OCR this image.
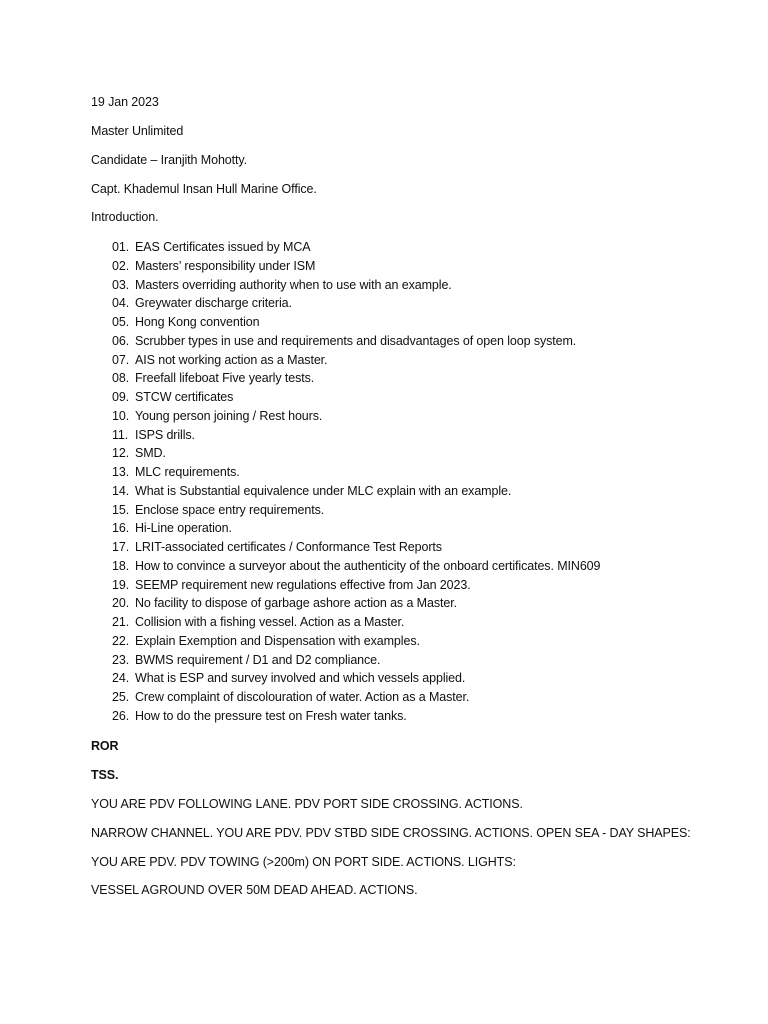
19 Jan 2023
Master Unlimited
Candidate – Iranjith Mohotty.
Capt. Khademul Insan Hull Marine Office.
Introduction.
01. EAS Certificates issued by MCA
02. Masters’ responsibility under ISM
03. Masters overriding authority when to use with an example.
04. Greywater discharge criteria.
05. Hong Kong convention
06. Scrubber types in use and requirements and disadvantages of open loop system.
07. AIS not working action as a Master.
08. Freefall lifeboat Five yearly tests.
09. STCW certificates
10. Young person joining / Rest hours.
11. ISPS drills.
12. SMD.
13. MLC requirements.
14. What is Substantial equivalence under MLC explain with an example.
15. Enclose space entry requirements.
16. Hi-Line operation.
17. LRIT-associated certificates / Conformance Test Reports
18. How to convince a surveyor about the authenticity of the onboard certificates. MIN609
19. SEEMP requirement new regulations effective from Jan 2023.
20. No facility to dispose of garbage ashore action as a Master.
21. Collision with a fishing vessel. Action as a Master.
22. Explain Exemption and Dispensation with examples.
23. BWMS requirement / D1 and D2 compliance.
24. What is ESP and survey involved and which vessels applied.
25. Crew complaint of discolouration of water. Action as a Master.
26. How to do the pressure test on Fresh water tanks.
ROR
TSS.
YOU ARE PDV FOLLOWING LANE. PDV PORT SIDE CROSSING. ACTIONS.
NARROW CHANNEL. YOU ARE PDV. PDV STBD SIDE CROSSING. ACTIONS. OPEN SEA - DAY SHAPES:
YOU ARE PDV. PDV TOWING (>200m) ON PORT SIDE. ACTIONS. LIGHTS:
VESSEL AGROUND OVER 50M DEAD AHEAD. ACTIONS.
